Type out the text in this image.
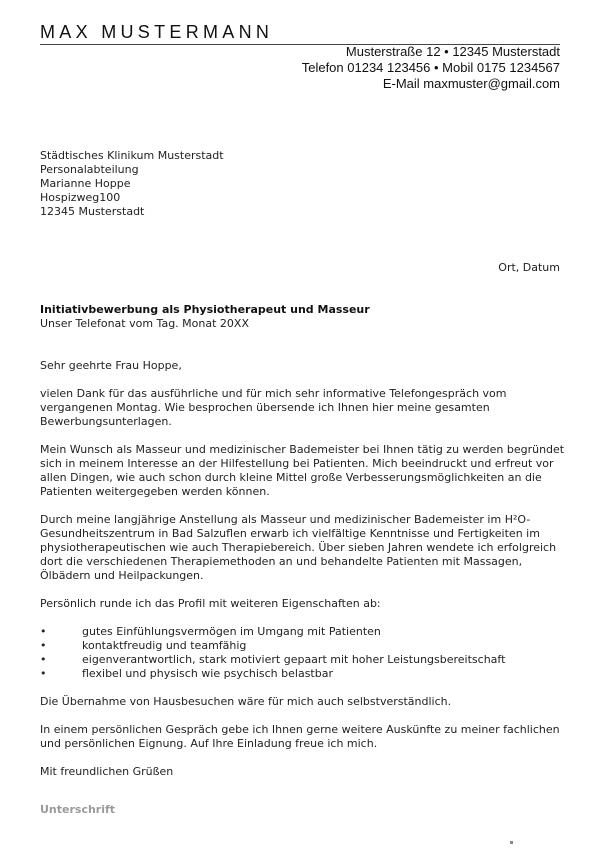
MAX MUSTERMANN
Musterstraße 12 • 12345 Musterstadt
Telefon 01234 123456 • Mobil 0175 1234567
E-Mail maxmuster@gmail.com
Städtisches Klinikum Musterstadt
Personalabteilung
Marianne Hoppe
Hospizweg100
12345 Musterstadt
Ort, Datum
Initiativbewerbung als Physiotherapeut und Masseur
Unser Telefonat vom Tag. Monat 20XX

Sehr geehrte Frau Hoppe,

vielen Dank für das ausführliche und für mich sehr informative Telefongespräch vom vergangenen Montag. Wie besprochen übersende ich Ihnen hier meine gesamten Bewerbungsunterlagen.

Mein Wunsch als Masseur und medizinischer Bademeister bei Ihnen tätig zu werden begründet sich in meinem Interesse an der Hilfestellung bei Patienten. Mich beeindruckt und erfreut vor allen Dingen, wie auch schon durch kleine Mittel große Verbesserungsmöglichkeiten an die Patienten weitergegeben werden können.

Durch meine langjährige Anstellung als Masseur und medizinischer Bademeister im H²O-Gesundheitszentrum in Bad Salzuflen erwarb ich vielfältige Kenntnisse und Fertigkeiten im physiotherapeutischen wie auch Therapiebereich. Über sieben Jahren wendete ich erfolgreich dort die verschiedenen Therapiemethoden an und behandelte Patienten mit Massagen, Ölbädern und Heilpackungen.

Persönlich runde ich das Profil mit weiteren Eigenschaften ab:

•	gutes Einfühlungsvermögen im Umgang mit Patienten
•	kontaktfreudig und teamfähig
•	eigenverantwortlich, stark motiviert gepaart mit hoher Leistungsbereitschaft
•	flexibel und physisch wie psychisch belastbar

Die Übernahme von Hausbesuchen wäre für mich auch selbstverständlich.

In einem persönlichen Gespräch gebe ich Ihnen gerne weitere Auskünfte zu meiner fachlichen und persönlichen Eignung. Auf Ihre Einladung freue ich mich.

Mit freundlichen Grüßen

Unterschrift
